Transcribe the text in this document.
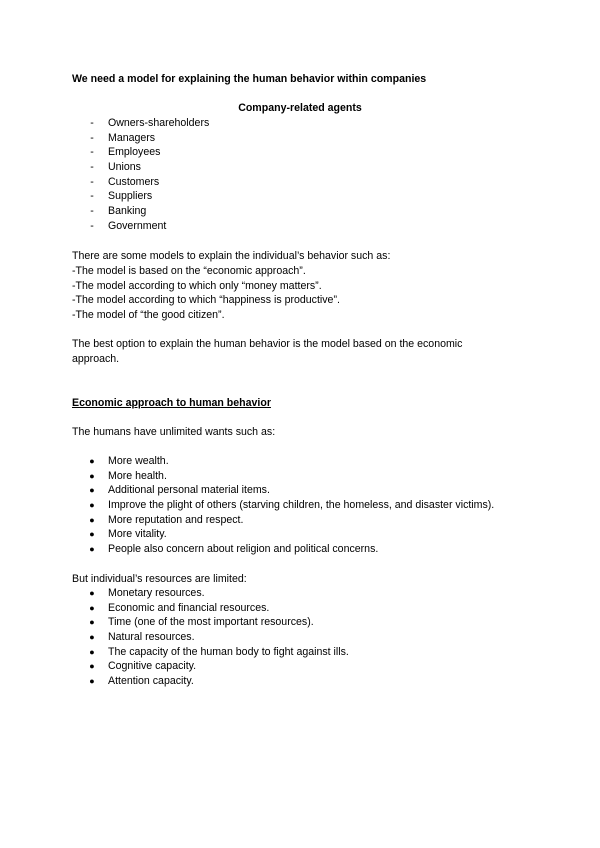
We need a model for explaining the human behavior within companies
Company-related agents
-	Owners-shareholders
-	Managers
-	Employees
-	Unions
-	Customers
-	Suppliers
-	Banking
-	Government
There are some models to explain the individual’s behavior such as:
-The model is based on the “economic approach”.
-The model according to which only “money matters”.
-The model according to which “happiness is productive”.
-The model of “the good citizen”.
The best option to explain the human behavior is the model based on the economic
approach.
Economic approach to human behavior
The humans have unlimited wants such as:
●	More wealth.
●	More health.
●	Additional personal material items.
●	Improve the plight of others (starving children, the homeless, and disaster victims).
●	More reputation and respect.
●	More vitality.
●	People also concern about religion and political concerns.
But individual’s resources are limited:
●	Monetary resources.
●	Economic and financial resources.
●	Time (one of the most important resources).
●	Natural resources.
●	The capacity of the human body to fight against ills.
●	Cognitive capacity.
●	Attention capacity.
